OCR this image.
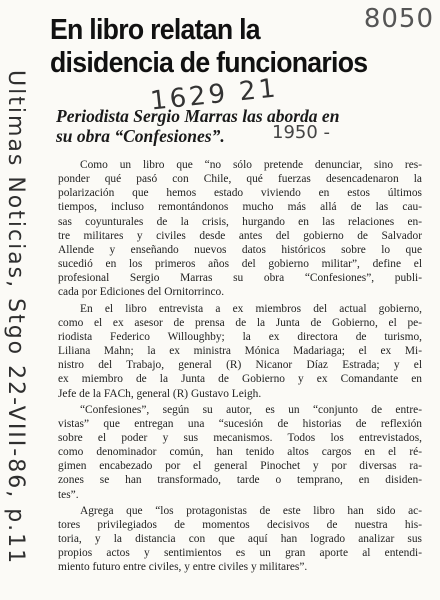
En libro relatan la
disidencia de funcionarios
Periodista Sergio Marras las aborda en
su obra “Confesiones”.

Como un libro que “no sólo pretende denunciar, sino res-
ponder qué pasó con Chile, qué fuerzas desencadenaron la
polarización que hemos estado viviendo en estos últimos
tiempos, incluso remontándonos mucho más allá de las cau-
sas coyunturales de la crisis, hurgando en las relaciones en-
tre militares y civiles desde antes del gobierno de Salvador
Allende y enseñando nuevos datos históricos sobre lo que
sucedió en los primeros años del gobierno militar”, define el
profesional Sergio Marras su obra “Confesiones”, publi-
cada por Ediciones del Ornitorrinco.

En el libro entrevista a ex miembros del actual gobierno,
como el ex asesor de prensa de la Junta de Gobierno, el pe-
riodista Federico Willoughby; la ex directora de turismo,
Liliana Mahn; la ex ministra Mónica Madariaga; el ex Mi-
nistro del Trabajo, general (R) Nicanor Díaz Estrada; y el
ex miembro de la Junta de Gobierno y ex Comandante en
Jefe de la FACh, general (R) Gustavo Leigh.

“Confesiones”, según su autor, es un “conjunto de entre-
vistas” que entregan una “sucesión de historias de reflexión
sobre el poder y sus mecanismos. Todos los entrevistados,
como denominador común, han tenido altos cargos en el ré-
gimen encabezado por el general Pinochet y por diversas ra-
zones se han transformado, tarde o temprano, en disiden-
tes”.

Agrega que “los protagonistas de este libro han sido ac-
tores privilegiados de momentos decisivos de nuestra his-
toria, y la distancia con que aquí han logrado analizar sus
propios actos y sentimientos es un gran aporte al entendi-
miento futuro entre civiles, y entre civiles y militares”.

8050
1629 21
1950 -
Ultimas Noticias, Stgo 22-VIII-86, p.11
